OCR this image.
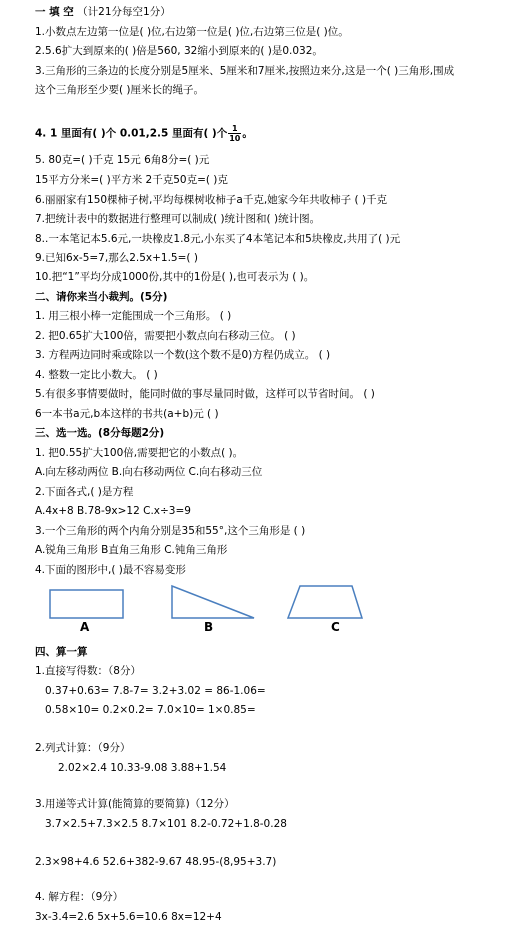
一 填 空 （计21分每空1分）
1.小数点左边第一位是( )位,右边第一位是( )位,右边第三位是( )位。
2.5.6扩大到原来的( )倍是560, 32缩小到原来的( )是0.032。
3.三角形的三条边的长度分别是5厘米、5厘米和7厘米,按照边来分,这是一个( )三角形,围成
这个三角形至少要( )厘米长的绳子。
4. 1 里面有( )个 0.01,2.5 里面有( )个 $\frac{1}{10}$ 。
5. 80克=( )千克 15元 6角8分=( )元
15平方分米=( )平方米 2千克50克=( )克
6.丽丽家有150棵柿子树,平均每棵树收柿子a千克,她家今年共收柿子 ( )千克
7.把统计表中的数据进行整理可以制成( )统计图和( )统计图。
8..一本笔记本5.6元,一块橡皮1.8元,小东买了4本笔记本和5块橡皮,共用了( )元
9.已知6x-5=7,那么2.5x+1.5=( )
10.把“1”平均分成1000份,其中的1份是( ),也可表示为 ( )。
二、请你来当小裁判。(5分)
1. 用三根小棒一定能围成一个三角形。 ( )
2. 把0.65扩大100倍，需要把小数点向右移动三位。 ( )
3. 方程两边同时乘或除以一个数(这个数不是0)方程仍成立。 ( )
4. 整数一定比小数大。 ( )
5.有很多事情要做时，能同时做的事尽量同时做，这样可以节省时间。 ( )
6一本书a元,b本这样的书共(a+b)元 ( )
三、选一选。(8分每题2分)
1. 把0.55扩大100倍,需要把它的小数点( )。
A.向左移动两位 B.向右移动两位 C.向右移动三位
2.下面各式,( )是方程
A.4x+8 B.78-9x>12 C.x÷3=9
3.一个三角形的两个内角分别是35和55°,这个三角形是 ( )
A.锐角三角形 B直角三角形 C.钝角三角形
4.下面的图形中,( )最不容易变形
A	B	C
四、算一算
1.直接写得数：（8分）
0.37+0.63= 7.8-7= 3.2+3.02 = 86-1.06=
0.58×10= 0.2×0.2= 7.0×10= 1×0.85=
2.列式计算：（9分）
2.02×2.4 10.33-9.08 3.88+1.54
3.用递等式计算(能简算的要简算)（12分）
3.7×2.5+7.3×2.5 8.7×101 8.2-0.72+1.8-0.28
2.3×98+4.6 52.6+382-9.67 48.95-(8,95+3.7)
4. 解方程：（9分）
3x-3.4=2.6 5x+5.6=10.6 8x=12+4
